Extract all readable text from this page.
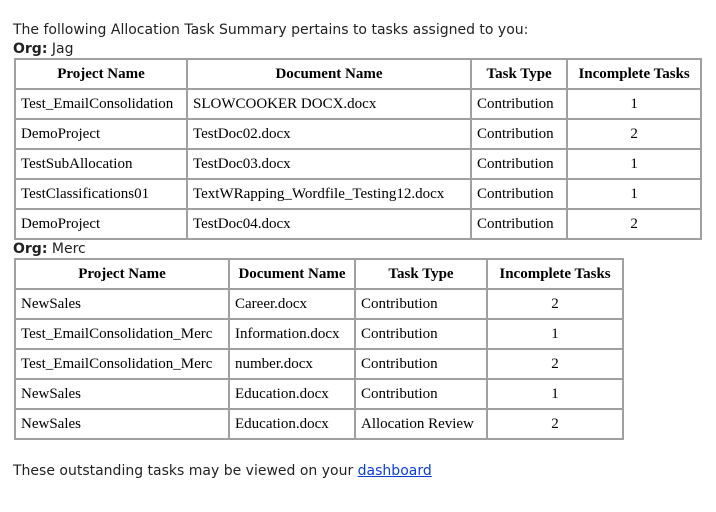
The following Allocation Task Summary pertains to tasks assigned to you:
Org: Jag
Project Name	Document Name	Task Type	Incomplete Tasks
Test_EmailConsolidation	SLOWCOOKER DOCX.docx	Contribution	1
DemoProject	TestDoc02.docx	Contribution	2
TestSubAllocation	TestDoc03.docx	Contribution	1
TestClassifications01	TextWRapping_Wordfile_Testing12.docx	Contribution	1
DemoProject	TestDoc04.docx	Contribution	2
Org: Merc
Project Name	Document Name	Task Type	Incomplete Tasks
NewSales	Career.docx	Contribution	2
Test_EmailConsolidation_Merc	Information.docx	Contribution	1
Test_EmailConsolidation_Merc	number.docx	Contribution	2
NewSales	Education.docx	Contribution	1
NewSales	Education.docx	Allocation Review	2
These outstanding tasks may be viewed on your dashboard
